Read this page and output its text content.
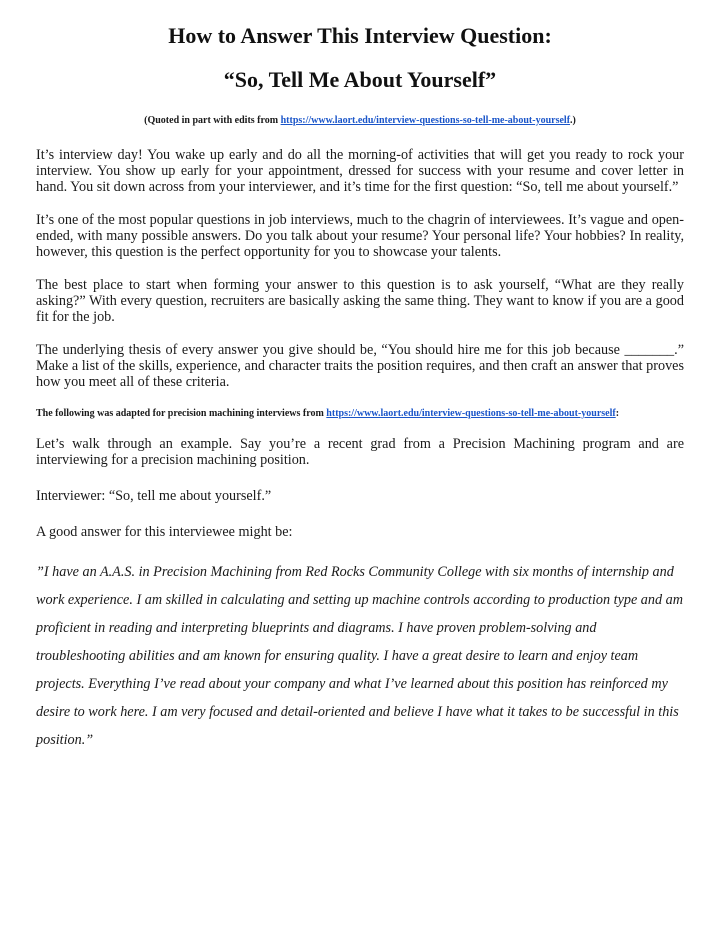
How to Answer This Interview Question:
“So, Tell Me About Yourself”
(Quoted in part with edits from https://www.laort.edu/interview-questions-so-tell-me-about-yourself.)

It’s interview day! You wake up early and do all the morning-of activities that will get you ready to rock your interview. You show up early for your appointment, dressed for success with your resume and cover letter in hand. You sit down across from your interviewer, and it’s time for the first question: “So, tell me about yourself.”

It’s one of the most popular questions in job interviews, much to the chagrin of interviewees. It’s vague and open-ended, with many possible answers. Do you talk about your resume? Your personal life? Your hobbies? In reality, however, this question is the perfect opportunity for you to showcase your talents.

The best place to start when forming your answer to this question is to ask yourself, “What are they really asking?” With every question, recruiters are basically asking the same thing. They want to know if you are a good fit for the job.

The underlying thesis of every answer you give should be, “You should hire me for this job because _______.” Make a list of the skills, experience, and character traits the position requires, and then craft an answer that proves how you meet all of these criteria.

The following was adapted for precision machining interviews from https://www.laort.edu/interview-questions-so-tell-me-about-yourself:

Let’s walk through an example. Say you’re a recent grad from a Precision Machining program and are interviewing for a precision machining position.

Interviewer: “So, tell me about yourself.”

A good answer for this interviewee might be:

”I have an A.A.S. in Precision Machining from Red Rocks Community College with six months of internship and work experience. I am skilled in calculating and setting up machine controls according to production type and am proficient in reading and interpreting blueprints and diagrams. I have proven problem-solving and troubleshooting abilities and am known for ensuring quality. I have a great desire to learn and enjoy team projects. Everything I’ve read about your company and what I’ve learned about this position has reinforced my desire to work here. I am very focused and detail-oriented and believe I have what it takes to be successful in this position.”
